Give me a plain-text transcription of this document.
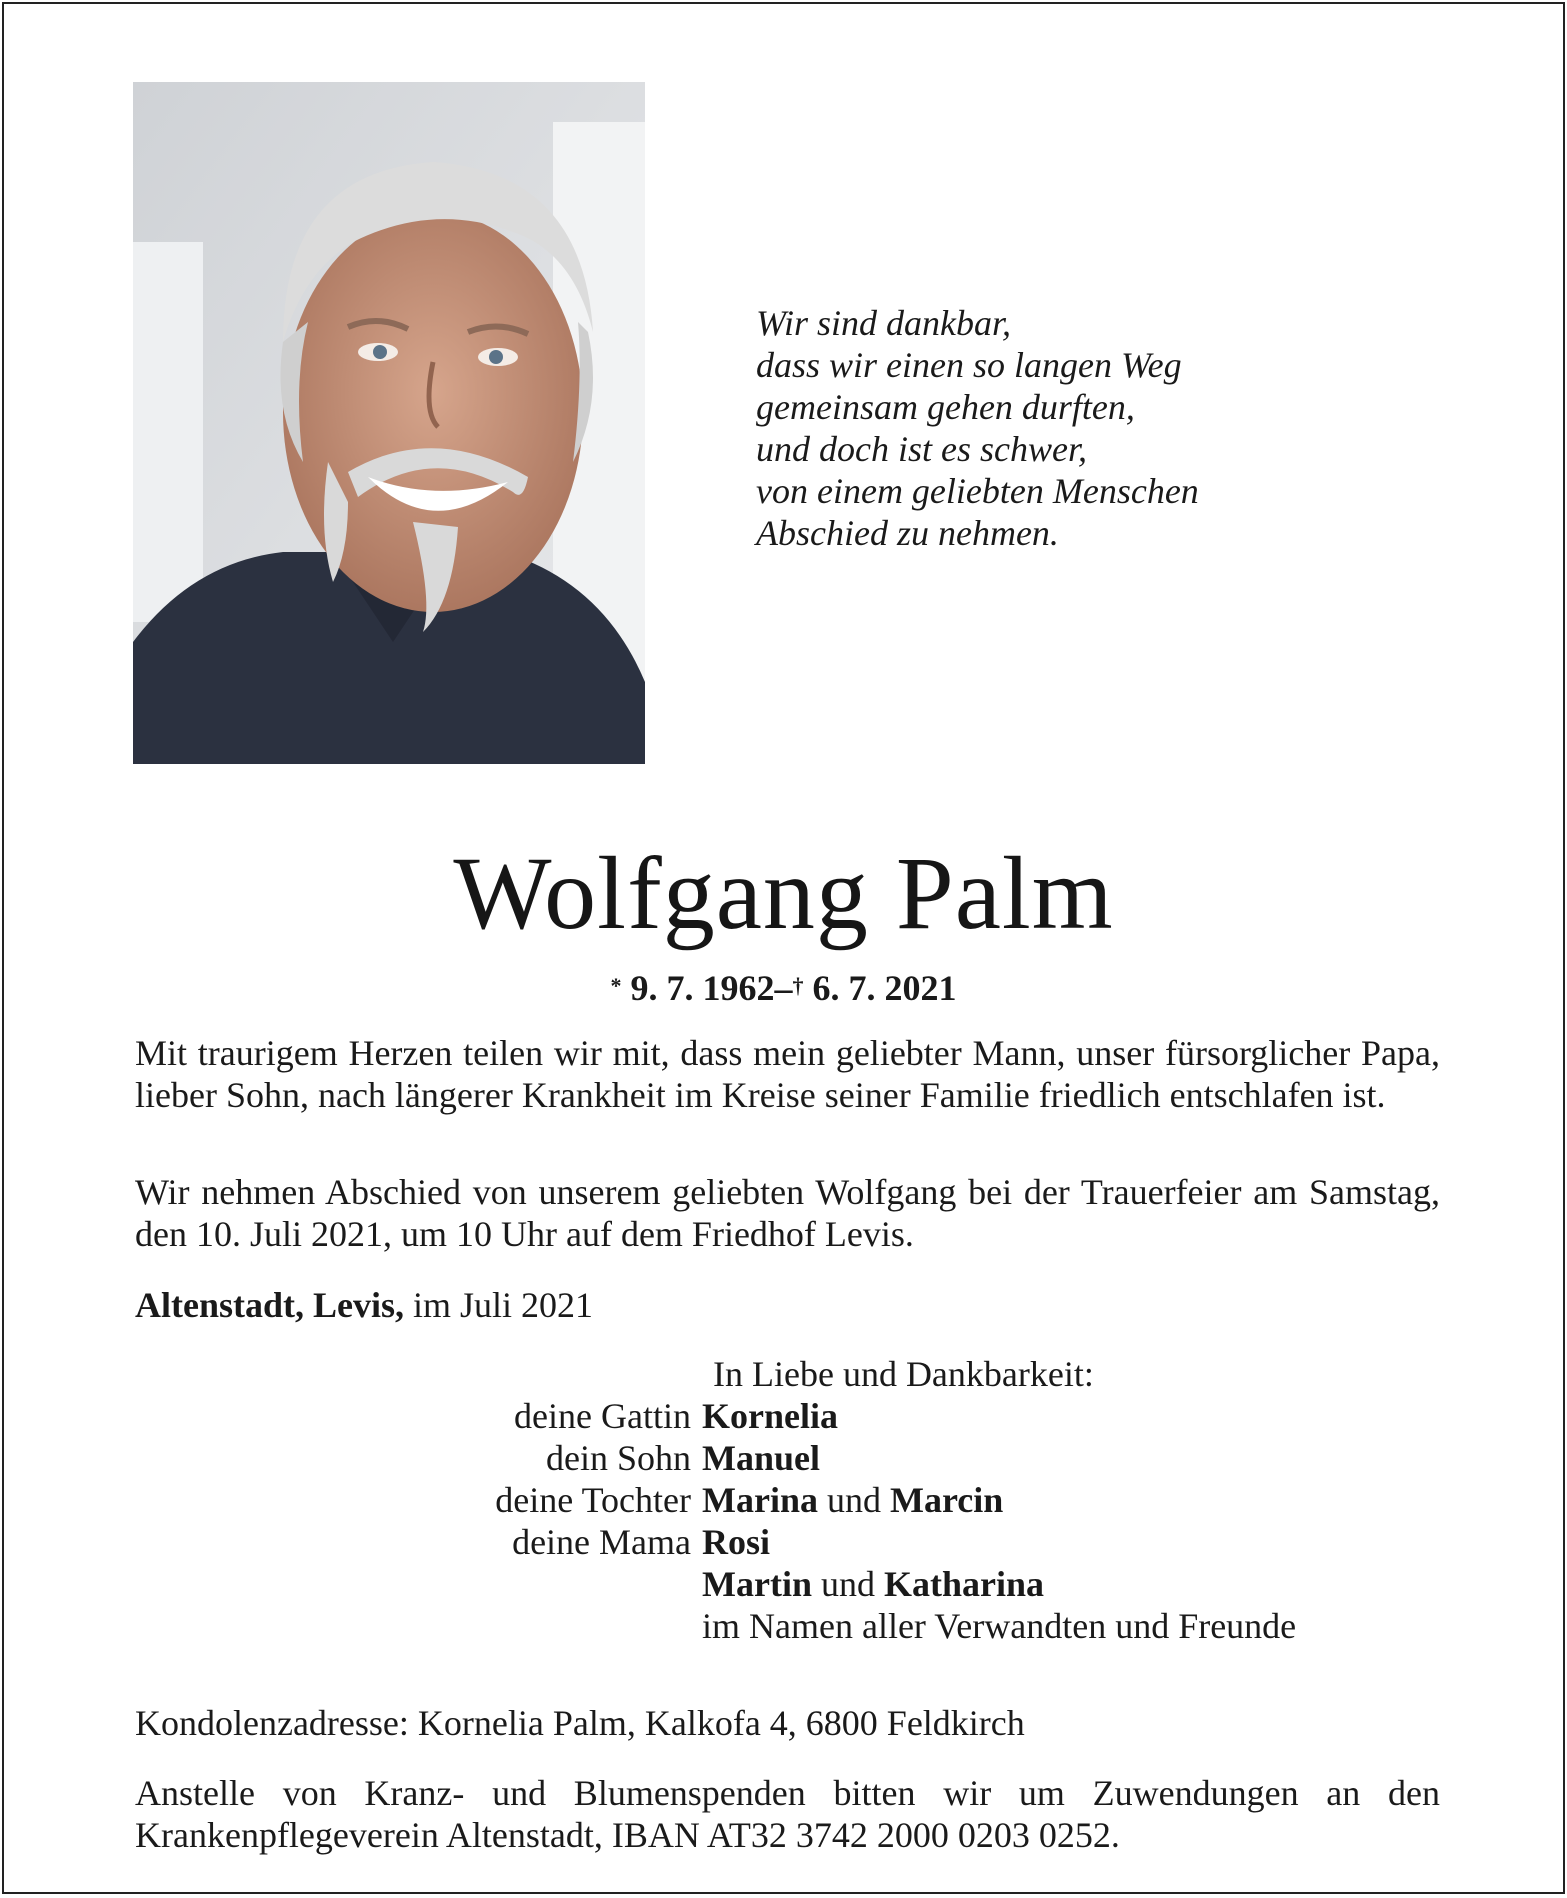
Wir sind dankbar,
dass wir einen so langen Weg
gemeinsam gehen durften,
und doch ist es schwer,
von einem geliebten Menschen
Abschied zu nehmen.
Wolfgang Palm
* 9. 7. 1962–† 6. 7. 2021
Mit traurigem Herzen teilen wir mit, dass mein geliebter Mann, unser fürsorglicher Papa, lieber Sohn, nach längerer Krankheit im Kreise seiner Familie friedlich entschlafen ist.
Wir nehmen Abschied von unserem geliebten Wolfgang bei der Trauerfeier am Samstag, den 10. Juli 2021, um 10 Uhr auf dem Friedhof Levis.
Altenstadt, Levis, im Juli 2021
In Liebe und Dankbarkeit:
deine Gattin Kornelia
dein Sohn Manuel
deine Tochter Marina und Marcin
deine Mama Rosi
Martin und Katharina
im Namen aller Verwandten und Freunde
Kondolenzadresse: Kornelia Palm, Kalkofa 4, 6800 Feldkirch
Anstelle von Kranz- und Blumenspenden bitten wir um Zuwendungen an den Krankenpflegeverein Altenstadt, IBAN AT32 3742 2000 0203 0252.
